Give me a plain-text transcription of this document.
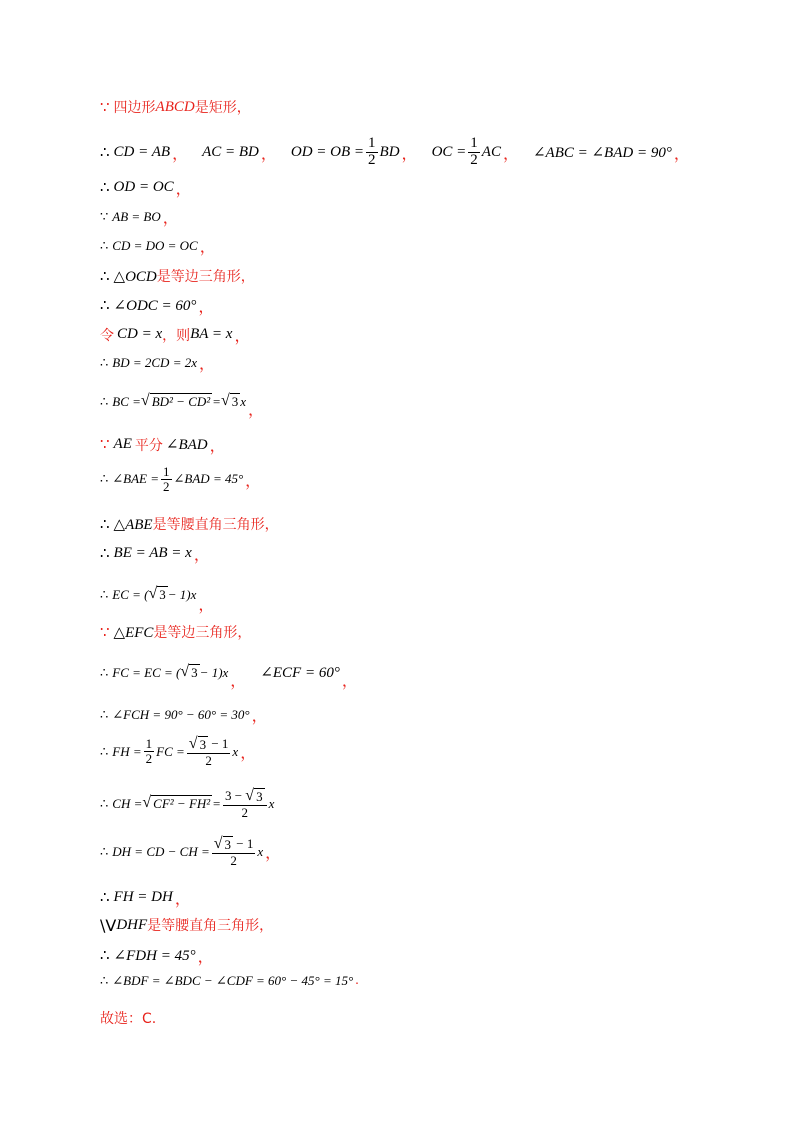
∵ 四边形 ABCD 是矩形，
∴ CD = AB ， AC = BD ， OD = OB = $\frac{1}{2}$ BD ， OC = $\frac{1}{2}$ AC ， ∠ABC = ∠BAD = 90° ，
∴ OD = OC ，
∵ AB = BO ，
∴ CD = DO = OC ，
∴ △OCD 是等边三角形，
∴ ∠ODC = 60° ，
令 CD = x ，则 BA = x ，
∴ BD = 2CD = 2x ，
∴ BC = √ BD² − CD² = √ 3 x
，
∵ AE 平分 ∠BAD ，
∴ ∠BAE = $\frac{1}{2}$ ∠BAD = 45° ，
∴ △ABE 是等腰直角三角形，
∴ BE = AB = x ，
∴ EC = ( √ 3 − 1)x
，
∵ △EFC 是等边三角形，
∴ FC = EC = ( √ 3 − 1)x
， ∠ECF = 60° ，
∴ ∠FCH = 90° − 60° = 30° ，
∴ FH = $\frac{1}{2}$ FC = $\frac{√ 3 - 1}{2}$ x ，
∴ CH = √ $CF^2 - FH^2 = \frac{3 - √ 3}{2}$ x
∴ DH = CD − CH = $\frac{√ 3 - 1}{2}$ x ，
∴ FH = DH ，
\V DHF 是等腰直角三角形，
∴ ∠FDH = 45° ，
∴ ∠BDF = ∠BDC − ∠CDF = 60° − 45° = 15° .
故选：C.
